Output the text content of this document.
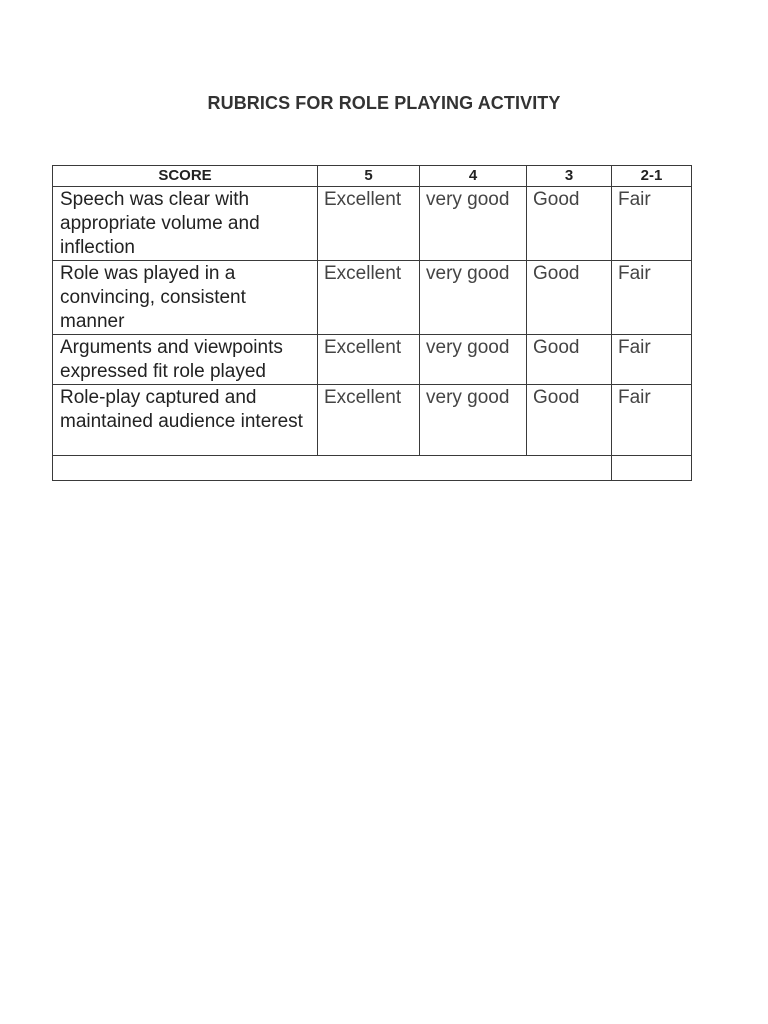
RUBRICS FOR ROLE PLAYING ACTIVITY
SCORE	5	4	3	2-1
Speech was clear with appropriate volume and inflection	Excellent	very good	Good	Fair
Role was played in a convincing, consistent manner	Excellent	very good	Good	Fair
Arguments and viewpoints expressed fit role played	Excellent	very good	Good	Fair
Role-play captured and maintained audience interest	Excellent	very good	Good	Fair
